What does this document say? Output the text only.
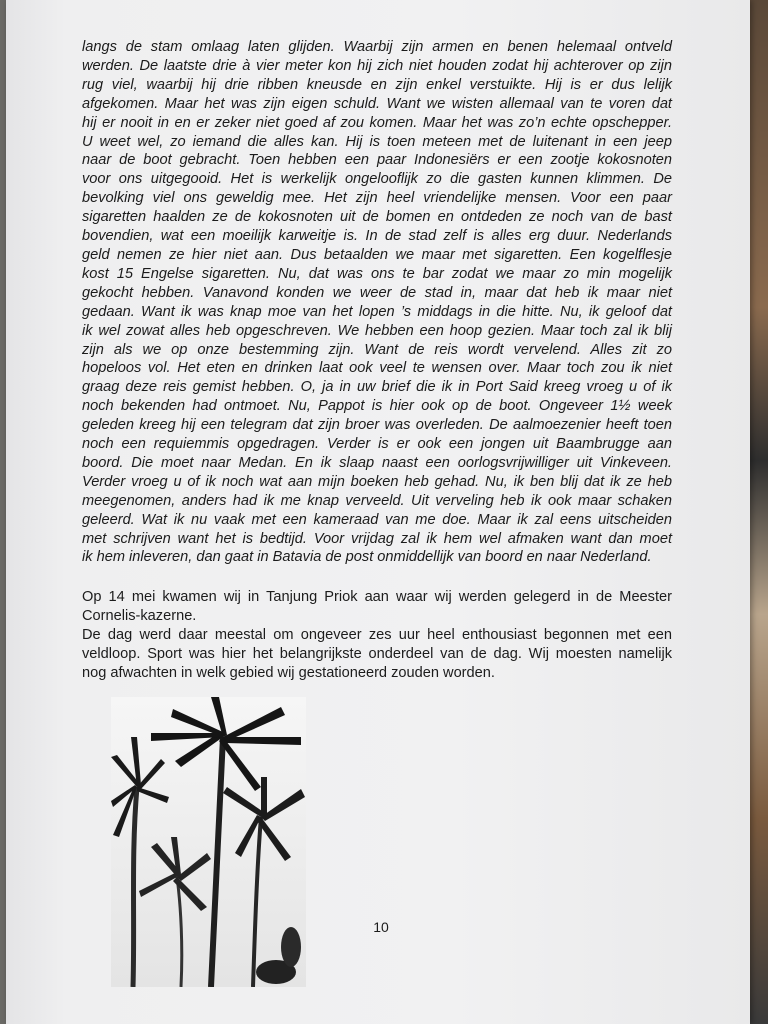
langs de stam omlaag laten glijden. Waarbij zijn armen en benen helemaal ontveld
werden. De laatste drie à vier meter kon hij zich niet houden zodat hij achterover op zijn
rug viel, waarbij hij drie ribben kneusde en zijn enkel verstuikte. Hij is er dus lelijk
afgekomen. Maar het was zijn eigen schuld. Want we wisten allemaal van te voren dat
hij er nooit in en er zeker niet goed af zou komen. Maar het was zo’n echte opschepper.
U weet wel, zo iemand die alles kan. Hij is toen meteen met de luitenant in een jeep
naar de boot gebracht. Toen hebben een paar Indonesiërs er een zootje kokosnoten
voor ons uitgegooid. Het is werkelijk ongelooflijk zo die gasten kunnen klimmen. De
bevolking viel ons geweldig mee. Het zijn heel vriendelijke mensen. Voor een paar
sigaretten haalden ze de kokosnoten uit de bomen en ontdeden ze noch van de bast
bovendien, wat een moeilijk karweitje is. In de stad zelf is alles erg duur. Nederlands
geld nemen ze hier niet aan. Dus betaalden we maar met sigaretten. Een kogelflesje
kost 15 Engelse sigaretten. Nu, dat was ons te bar zodat we maar zo min mogelijk
gekocht hebben. Vanavond konden we weer de stad in, maar dat heb ik maar niet
gedaan. Want ik was knap moe van het lopen ’s middags in die hitte. Nu, ik geloof dat
ik wel zowat alles heb opgeschreven. We hebben een hoop gezien. Maar toch zal ik blij
zijn als we op onze bestemming zijn. Want de reis wordt vervelend. Alles zit zo
hopeloos vol. Het eten en drinken laat ook veel te wensen over. Maar toch zou ik niet
graag deze reis gemist hebben. O, ja in uw brief die ik in Port Said kreeg vroeg u of ik
noch bekenden had ontmoet. Nu, Pappot is hier ook op de boot. Ongeveer 1½ week
geleden kreeg hij een telegram dat zijn broer was overleden. De aalmoezenier heeft toen
noch een requiemmis opgedragen. Verder is er ook een jongen uit Baambrugge aan
boord. Die moet naar Medan. En ik slaap naast een oorlogsvrijwilliger uit Vinkeveen.
Verder vroeg u of ik noch wat aan mijn boeken heb gehad. Nu, ik ben blij dat ik ze heb
meegenomen, anders had ik me knap verveeld. Uit verveling heb ik ook maar schaken
geleerd. Wat ik nu vaak met een kameraad van me doe. Maar ik zal eens uitscheiden
met schrijven want het is bedtijd. Voor vrijdag zal ik hem wel afmaken want dan moet
ik hem inleveren, dan gaat in Batavia de post onmiddellijk van boord en naar Nederland.
Op 14 mei kwamen wij in Tanjung Priok aan waar wij werden gelegerd in de Meester
Cornelis-kazerne.
De dag werd daar meestal om ongeveer zes uur heel enthousiast begonnen met een
veldloop. Sport was hier het belangrijkste onderdeel van de dag. Wij moesten namelijk
nog afwachten in welk gebied wij gestationeerd zouden worden.
10
